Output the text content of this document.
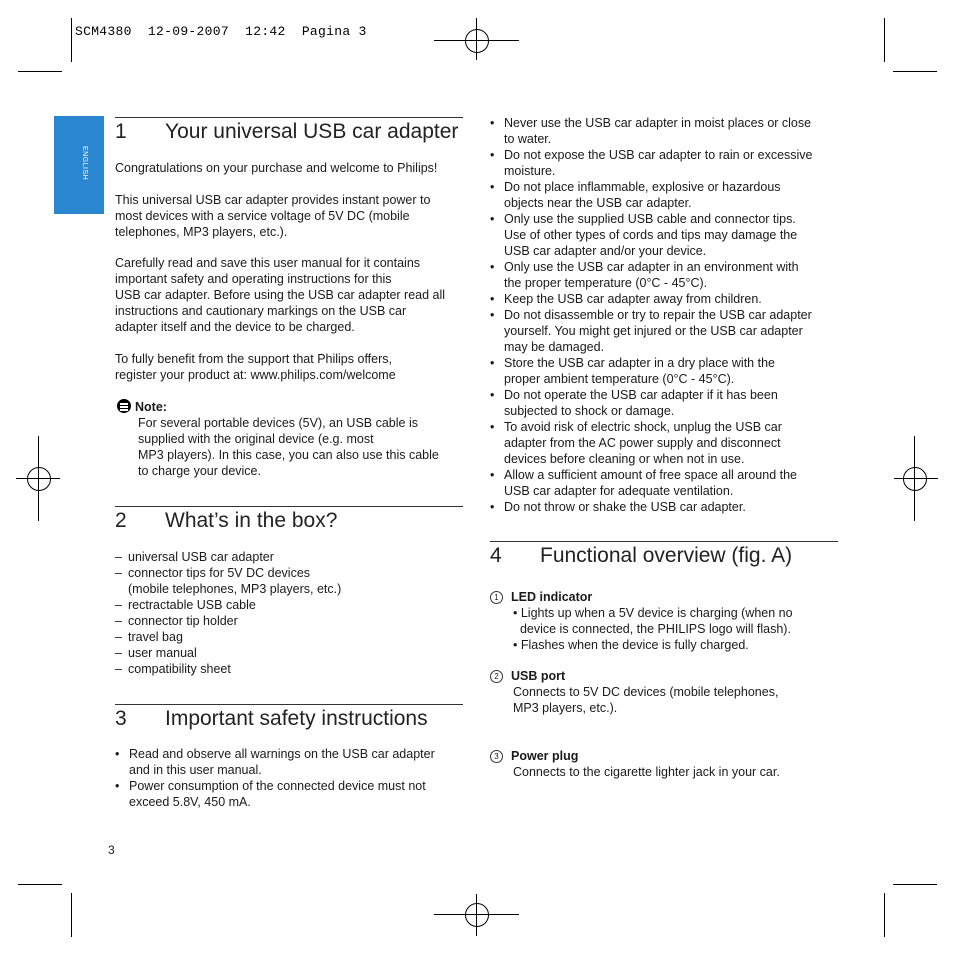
SCM4380  12-09-2007  12:42  Pagina 3
ENGLISH
1 Your universal USB car adapter
Congratulations on your purchase and welcome to Philips!
This universal USB car adapter provides instant power to
most devices with a service voltage of 5V DC (mobile
telephones, MP3 players, etc.).
Carefully read and save this user manual for it contains
important safety and operating instructions for this
USB car adapter. Before using the USB car adapter read all
instructions and cautionary markings on the USB car
adapter itself and the device to be charged.
To fully benefit from the support that Philips offers,
register your product at: www.philips.com/welcome
Note:
For several portable devices (5V), an USB cable is
supplied with the original device (e.g. most
MP3 players). In this case, you can also use this cable
to charge your device.
2 What’s in the box?
– universal USB car adapter
– connector tips for 5V DC devices
(mobile telephones, MP3 players, etc.)
– rectractable USB cable
– connector tip holder
– travel bag
– user manual
– compatibility sheet
3 Important safety instructions
• Read and observe all warnings on the USB car adapter
and in this user manual.
• Power consumption of the connected device must not
exceed 5.8V, 450 mA.
• Never use the USB car adapter in moist places or close
to water.
• Do not expose the USB car adapter to rain or excessive
moisture.
• Do not place inflammable, explosive or hazardous
objects near the USB car adapter.
• Only use the supplied USB cable and connector tips.
Use of other types of cords and tips may damage the
USB car adapter and/or your device.
• Only use the USB car adapter in an environment with
the proper temperature (0°C - 45°C).
• Keep the USB car adapter away from children.
• Do not disassemble or try to repair the USB car adapter
yourself. You might get injured or the USB car adapter
may be damaged.
• Store the USB car adapter in a dry place with the
proper ambient temperature (0°C - 45°C).
• Do not operate the USB car adapter if it has been
subjected to shock or damage.
• To avoid risk of electric shock, unplug the USB car
adapter from the AC power supply and disconnect
devices before cleaning or when not in use.
• Allow a sufficient amount of free space all around the
USB car adapter for adequate ventilation.
• Do not throw or shake the USB car adapter.
4 Functional overview (fig. A)
1 LED indicator
• Lights up when a 5V device is charging (when no
device is connected, the PHILIPS logo will flash).
• Flashes when the device is fully charged.
2 USB port
Connects to 5V DC devices (mobile telephones,
MP3 players, etc.).
3 Power plug
Connects to the cigarette lighter jack in your car.
3
